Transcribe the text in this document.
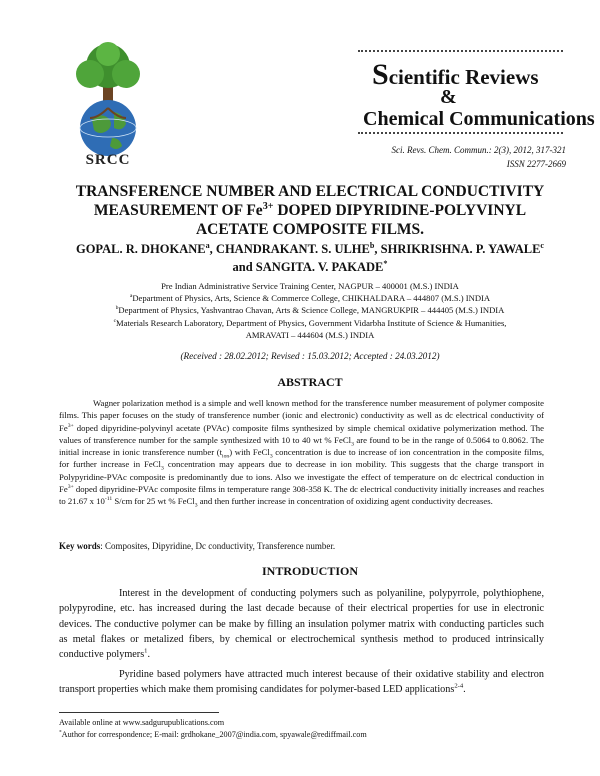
SRCC
Scientific Reviews
&
Chemical Communications
Sci. Revs. Chem. Commun.: 2(3), 2012, 317-321
ISSN 2277-2669
TRANSFERENCE NUMBER AND ELECTRICAL CONDUCTIVITY
MEASUREMENT OF $Fe^{3+}$ DOPED DIPYRIDINE-POLYVINYL
ACETATE COMPOSITE FILMS.
GOPAL. R. DHOKANE$^a$, CHANDRAKANT. S. ULHE$^b$, SHRIKRISHNA. P. YAWALE$^c$
and SANGITA. V. PAKADE*
Pre Indian Administrative Service Training Center, NAGPUR – 400001 (M.S.) INDIA
$^a$Department of Physics, Arts, Science & Commerce College, CHIKHALDARA – 444807 (M.S.) INDIA
$^b$Department of Physics, Yashvantrao Chavan, Arts & Science College, MANGRUKPIR – 444405 (M.S.) INDIA
$^c$Materials Research Laboratory, Department of Physics, Government Vidarbha Institute of Science & Humanities,
AMRAVATI – 444604 (M.S.) INDIA
(Received : 28.02.2012; Revised : 15.03.2012; Accepted : 24.03.2012)
ABSTRACT
Wagner polarization method is a simple and well known method for the transference number measurement of polymer composite films. This paper focuses on the study of transference number (ionic and electronic) conductivity as well as dc electrical conductivity of $Fe^{3+}$ doped dipyridine-polyvinyl acetate (PVAc) composite films synthesized by simple chemical oxidative polymerization method. The values of transference number for the sample synthesized with 10 to 40 wt % FeCl$_3$ are found to be in the range of 0.5064 to 0.8062. The initial increase in ionic transference number $(t_{ion})$ with FeCl$_3$ concentration is due to increase of ion concentration in the composite films, for further increase in FeCl$_3$ concentration may appears due to decrease in ion mobility. This suggests that the charge transport in Polypyridine-PVAc composite is predominantly due to ions. Also we investigate the effect of temperature on dc electrical conduction in $Fe^{3+}$ doped dipyridine-PVAc composite films in temperature range 308-358 K. The dc electrical conductivity initially increases and reaches to 21.67 x $10^{-11}$ S/cm for 25 wt % FeCl$_3$ and then further increase in concentration of oxidizing agent conductivity decreases.
Key words: Composites, Dipyridine, Dc conductivity, Transference number.
INTRODUCTION
Interest in the development of conducting polymers such as polyaniline, polypyrrole, polythiophene, polypyrodine, etc. has increased during the last decade because of their electrical properties for use in electronic devices. The conductive polymer can be make by filling an insulation polymer matrix with conducting particles such as metal flakes or metalized fibers, by chemical or electrochemical synthesis method to produced intrinsically conductive polymers$^1$.
Pyridine based polymers have attracted much interest because of their oxidative stability and electron transport properties which make them promising candidates for polymer-based LED applications$^{2-4}$.
Available online at www.sadgurupublications.com
*Author for correspondence; E-mail: grdhokane_2007@india.com, spyawale@rediffmail.com
